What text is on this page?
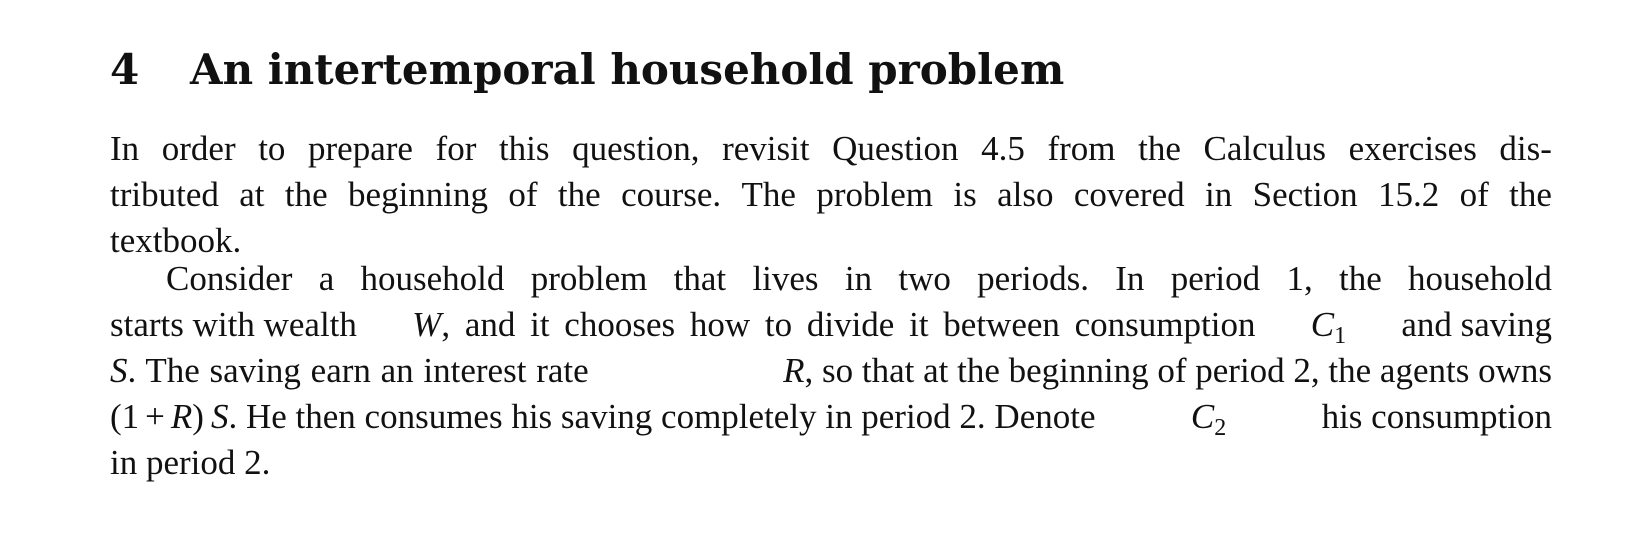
4	An intertemporal household problem
In order to prepare for this question, revisit Question 4.5 from the Calculus exercises dis-
tributed at the beginning of the course. The problem is also covered in Section 15.2 of the
textbook.
Consider a household problem that lives in two periods. In period 1, the household
starts with wealth W , and it chooses how to divide it between consumption $C_1$ and saving
S . The saving earn an interest rate	R , so that at the beginning of period 2, the agents owns
(1 + R )
  S . He then consumes his saving completely in period 2. Denote	$C_2$	his consumption
in period 2.
